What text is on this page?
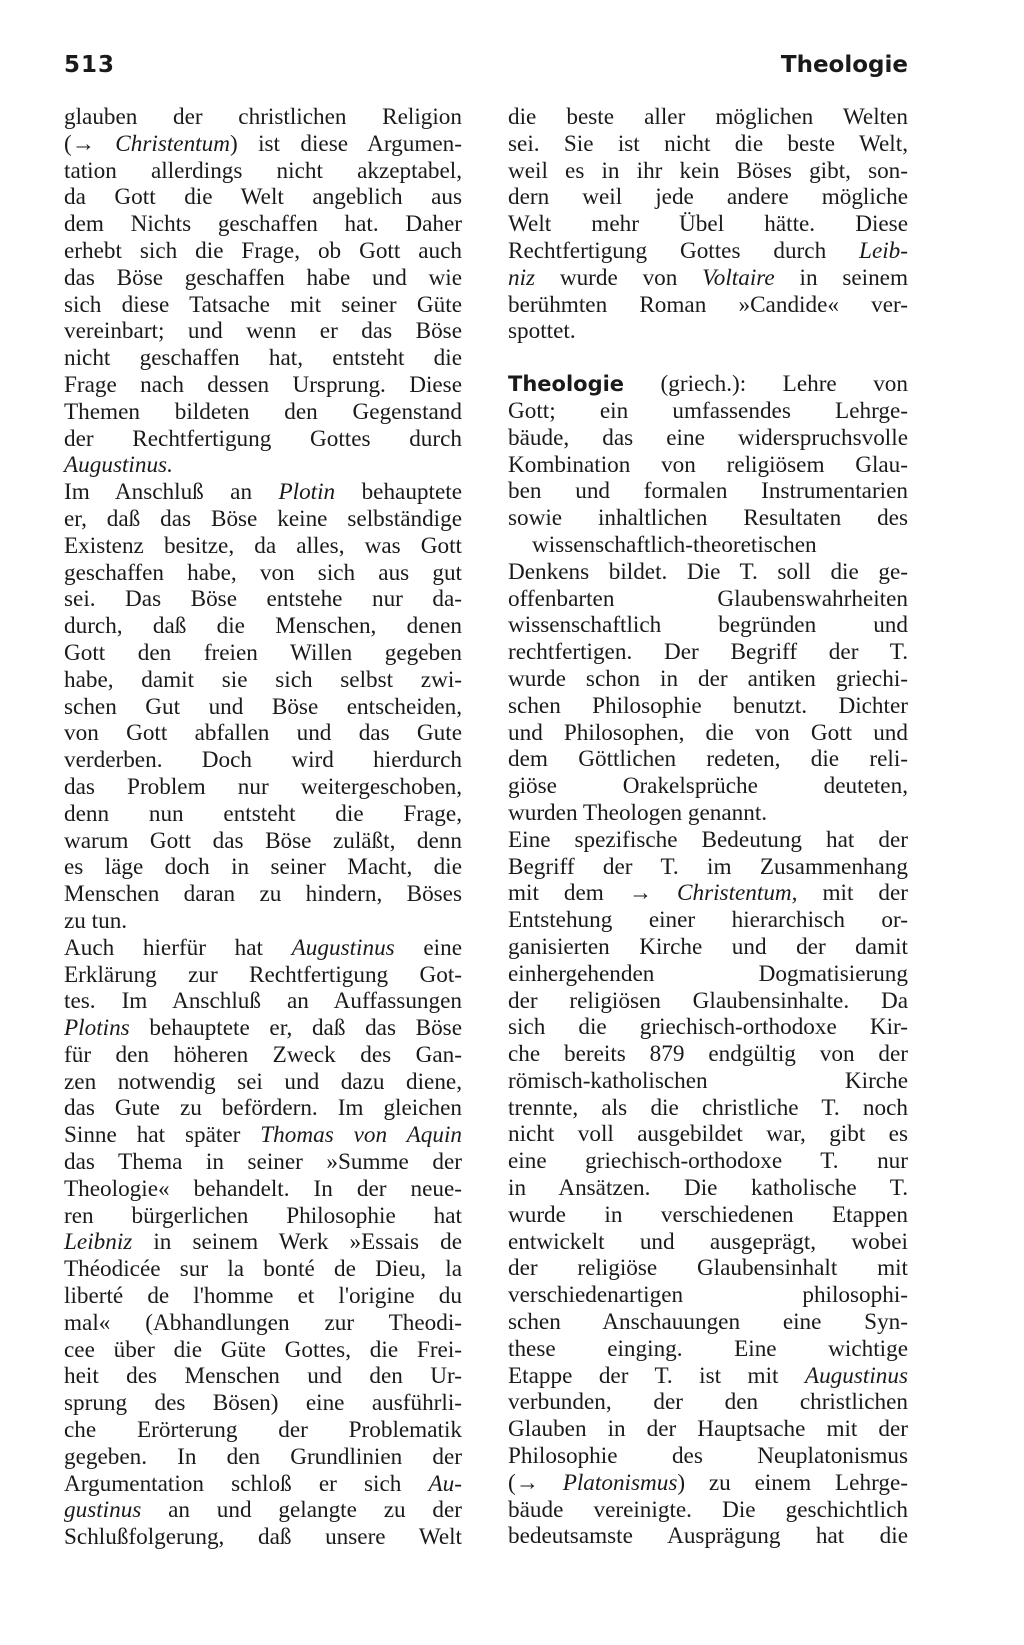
513	Theologie
glauben der christlichen Religion
(→ Christentum) ist diese Argumen-
tation allerdings nicht akzeptabel,
da Gott die Welt angeblich aus
dem Nichts geschaffen hat. Daher
erhebt sich die Frage, ob Gott auch
das Böse geschaffen habe und wie
sich diese Tatsache mit seiner Güte
vereinbart; und wenn er das Böse
nicht geschaffen hat, entsteht die
Frage nach dessen Ursprung. Diese
Themen bildeten den Gegenstand
der Rechtfertigung Gottes durch
Augustinus.
Im Anschluß an Plotin behauptete
er, daß das Böse keine selbständige
Existenz besitze, da alles, was Gott
geschaffen habe, von sich aus gut
sei. Das Böse entstehe nur da-
durch, daß die Menschen, denen
Gott den freien Willen gegeben
habe, damit sie sich selbst zwi-
schen Gut und Böse entscheiden,
von Gott abfallen und das Gute
verderben. Doch wird hierdurch
das Problem nur weitergeschoben,
denn nun entsteht die Frage,
warum Gott das Böse zuläßt, denn
es läge doch in seiner Macht, die
Menschen daran zu hindern, Böses
zu tun.
Auch hierfür hat Augustinus eine
Erklärung zur Rechtfertigung Got-
tes. Im Anschluß an Auffassungen
Plotins behauptete er, daß das Böse
für den höheren Zweck des Gan-
zen notwendig sei und dazu diene,
das Gute zu befördern. Im gleichen
Sinne hat später Thomas von Aquin
das Thema in seiner »Summe der
Theologie« behandelt. In der neue-
ren bürgerlichen Philosophie hat
Leibniz in seinem Werk »Essais de
Théodicée sur la bonté de Dieu, la
liberté de l'homme et l'origine du
mal« (Abhandlungen zur Theodi-
cee über die Güte Gottes, die Frei-
heit des Menschen und den Ur-
sprung des Bösen) eine ausführli-
che Erörterung der Problematik
gegeben. In den Grundlinien der
Argumentation schloß er sich Au-
gustinus an und gelangte zu der
Schlußfolgerung, daß unsere Welt
die beste aller möglichen Welten
sei. Sie ist nicht die beste Welt,
weil es in ihr kein Böses gibt, son-
dern weil jede andere mögliche
Welt mehr Übel hätte. Diese
Rechtfertigung Gottes durch Leib-
niz wurde von Voltaire in seinem
berühmten Roman »Candide« ver-
spottet.
Theologie (griech.): Lehre von
Gott; ein umfassendes Lehrge-
bäude, das eine widerspruchsvolle
Kombination von religiösem Glau-
ben und formalen Instrumentarien
sowie inhaltlichen Resultaten des
wissenschaftlich-theoretischen
Denkens bildet. Die T. soll die ge-
offenbarten Glaubenswahrheiten
wissenschaftlich begründen und
rechtfertigen. Der Begriff der T.
wurde schon in der antiken griechi-
schen Philosophie benutzt. Dichter
und Philosophen, die von Gott und
dem Göttlichen redeten, die reli-
giöse Orakelsprüche deuteten,
wurden Theologen genannt.
Eine spezifische Bedeutung hat der
Begriff der T. im Zusammenhang
mit dem → Christentum, mit der
Entstehung einer hierarchisch or-
ganisierten Kirche und der damit
einhergehenden Dogmatisierung
der religiösen Glaubensinhalte. Da
sich die griechisch-orthodoxe Kir-
che bereits 879 endgültig von der
römisch-katholischen Kirche
trennte, als die christliche T. noch
nicht voll ausgebildet war, gibt es
eine griechisch-orthodoxe T. nur
in Ansätzen. Die katholische T.
wurde in verschiedenen Etappen
entwickelt und ausgeprägt, wobei
der religiöse Glaubensinhalt mit
verschiedenartigen philosophi-
schen Anschauungen eine Syn-
these einging. Eine wichtige
Etappe der T. ist mit Augustinus
verbunden, der den christlichen
Glauben in der Hauptsache mit der
Philosophie des Neuplatonismus
(→ Platonismus) zu einem Lehrge-
bäude vereinigte. Die geschichtlich
bedeutsamste Ausprägung hat die
